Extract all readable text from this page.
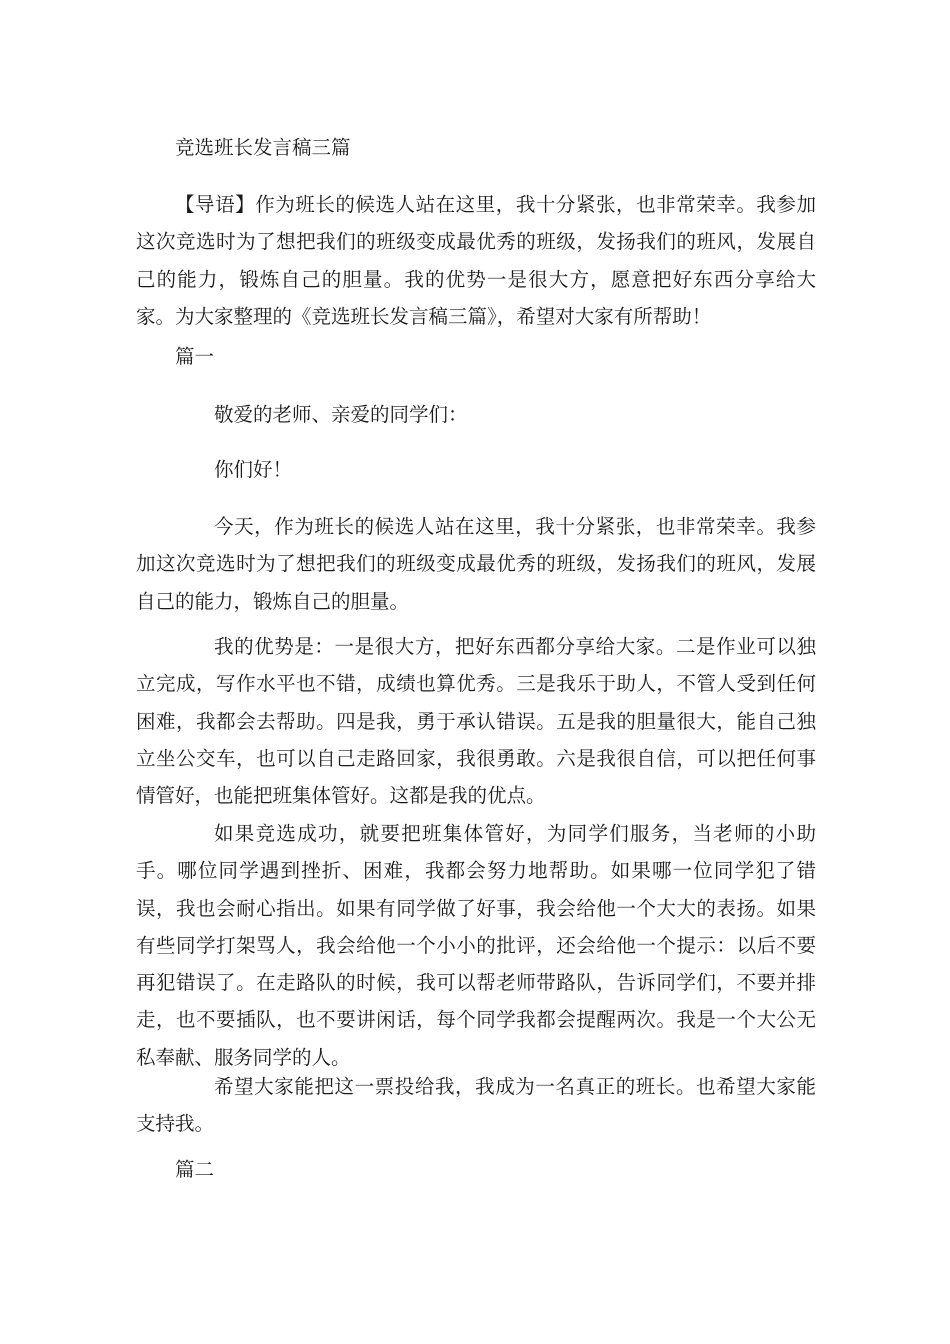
竞选班长发言稿三篇
【导语】作为班长的候选人站在这里，我十分紧张，也非常荣幸。我参加这次竞选时为了想把我们的班级变成最优秀的班级，发扬我们的班风，发展自己的能力，锻炼自己的胆量。我的优势一是很大方，愿意把好东西分享给大家。为大家整理的《竞选班长发言稿三篇》，希望对大家有所帮助！
篇一
敬爱的老师、亲爱的同学们：
你们好！
今天，作为班长的候选人站在这里，我十分紧张，也非常荣幸。我参加这次竞选时为了想把我们的班级变成最优秀的班级，发扬我们的班风，发展自己的能力，锻炼自己的胆量。
我的优势是：一是很大方，把好东西都分享给大家。二是作业可以独立完成，写作水平也不错，成绩也算优秀。三是我乐于助人，不管人受到任何困难，我都会去帮助。四是我，勇于承认错误。五是我的胆量很大，能自己独立坐公交车，也可以自己走路回家，我很勇敢。六是我很自信，可以把任何事情管好，也能把班集体管好。这都是我的优点。
如果竞选成功，就要把班集体管好，为同学们服务，当老师的小助手。哪位同学遇到挫折、困难，我都会努力地帮助。如果哪一位同学犯了错误，我也会耐心指出。如果有同学做了好事，我会给他一个大大的表扬。如果有些同学打架骂人，我会给他一个小小的批评，还会给他一个提示：以后不要再犯错误了。在走路队的时候，我可以帮老师带路队，告诉同学们，不要并排走，也不要插队，也不要讲闲话，每个同学我都会提醒两次。我是一个大公无私奉献、服务同学的人。
希望大家能把这一票投给我，我成为一名真正的班长。也希望大家能支持我。
篇二
